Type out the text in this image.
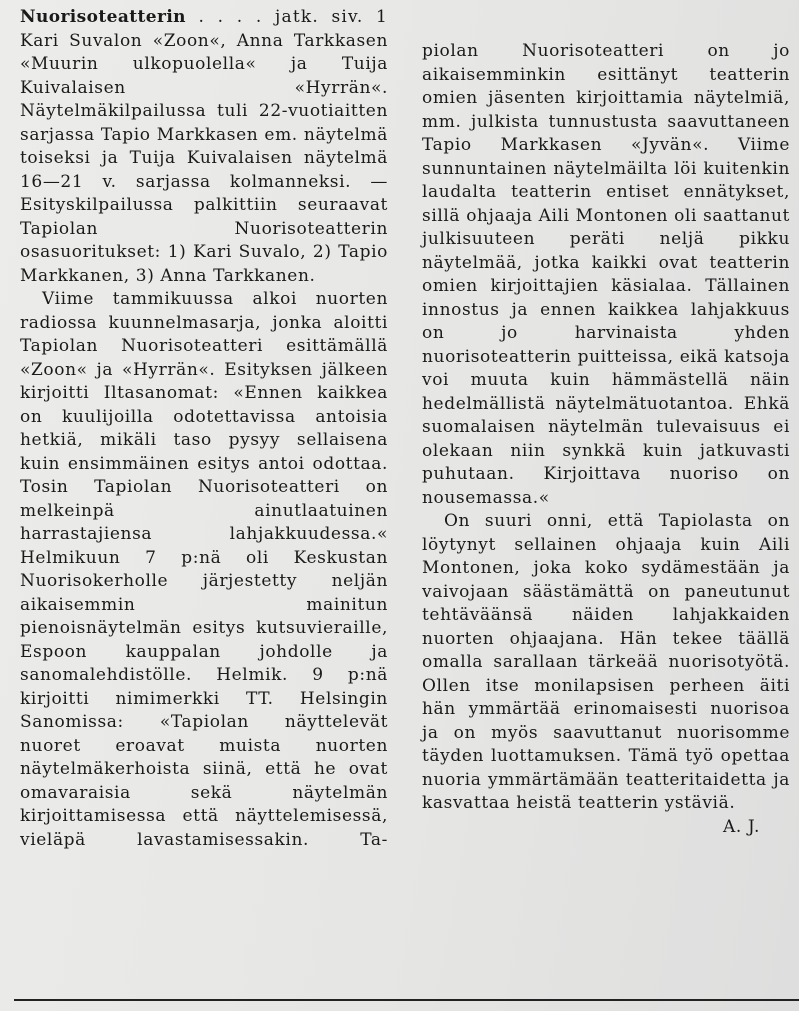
Nuorisoteatterin . . . . jatk. siv. 1

Kari Suvalon «Zoon«, Anna Tarkkasen «Muurin ulkopuolella« ja Tuija Kuivalaisen «Hyrrän«. Näytelmäkilpailussa tuli 22-vuotiaitten sarjassa Tapio Markkasen em. näytelmä toiseksi ja Tuija Kuivalaisen näytelmä 16—21 v. sarjassa kolmanneksi. — Esityskilpailussa palkittiin seuraavat Tapiolan Nuorisoteatterin osasuoritukset: 1) Kari Suvalo, 2) Tapio Markkanen, 3) Anna Tarkkanen.

Viime tammikuussa alkoi nuorten radiossa kuunnelmasarja, jonka aloitti Tapiolan Nuorisoteatteri esittämällä «Zoon« ja «Hyrrän«. Esityksen jälkeen kirjoitti Iltasanomat: «Ennen kaikkea on kuulijoilla odotettavissa antoisia hetkiä, mikäli taso pysyy sellaisena kuin ensimmäinen esitys antoi odottaa. Tosin Tapiolan Nuorisoteatteri on melkeinpä ainutlaatuinen harrastajiensa lahjakkuudessa.« Helmikuun 7 p:nä oli Keskustan Nuorisokerholle järjestetty neljän aikaisemmin mainitun pienoisnäytelmän esitys kutsuvieraille, Espoon kauppalan johdolle ja sanomalehdistölle. Helmik. 9 p:nä kirjoitti nimimerkki TT. Helsingin Sanomissa: «Tapiolan näyttelevät nuoret eroavat muista nuorten näytelmäkerhoista siinä, että he ovat omavaraisia sekä näytelmän kirjoittamisessa että näyttelemisessä, vieläpä lavastamisessakin. Ta-

piolan Nuorisoteatteri on jo aikaisemminkin esittänyt teatterin omien jäsenten kirjoittamia näytelmiä, mm. julkista tunnustusta saavuttaneen Tapio Markkasen «Jyvän«. Viime sunnuntainen näytelmäilta löi kuitenkin laudalta teatterin entiset ennätykset, sillä ohjaaja Aili Montonen oli saattanut julkisuuteen peräti neljä pikku näytelmää, jotka kaikki ovat teatterin omien kirjoittajien käsialaa. Tällainen innostus ja ennen kaikkea lahjakkuus on jo harvinaista yhden nuorisoteatterin puitteissa, eikä katsoja voi muuta kuin hämmästellä näin hedelmällistä näytelmätuotantoa. Ehkä suomalaisen näytelmän tulevaisuus ei olekaan niin synkkä kuin jatkuvasti puhutaan. Kirjoittava nuoriso on nousemassa.«

On suuri onni, että Tapiolasta on löytynyt sellainen ohjaaja kuin Aili Montonen, joka koko sydämestään ja vaivojaan säästämättä on paneutunut tehtäväänsä näiden lahjakkaiden nuorten ohjaajana. Hän tekee täällä omalla sarallaan tärkeää nuorisotyötä. Ollen itse monilapsisen perheen äiti hän ymmärtää erinomaisesti nuorisoa ja on myös saavuttanut nuorisomme täyden luottamuksen. Tämä työ opettaa nuoria ymmärtämään teatteritaidetta ja kasvattaa heistä teatterin ystäviä.
A. J.
